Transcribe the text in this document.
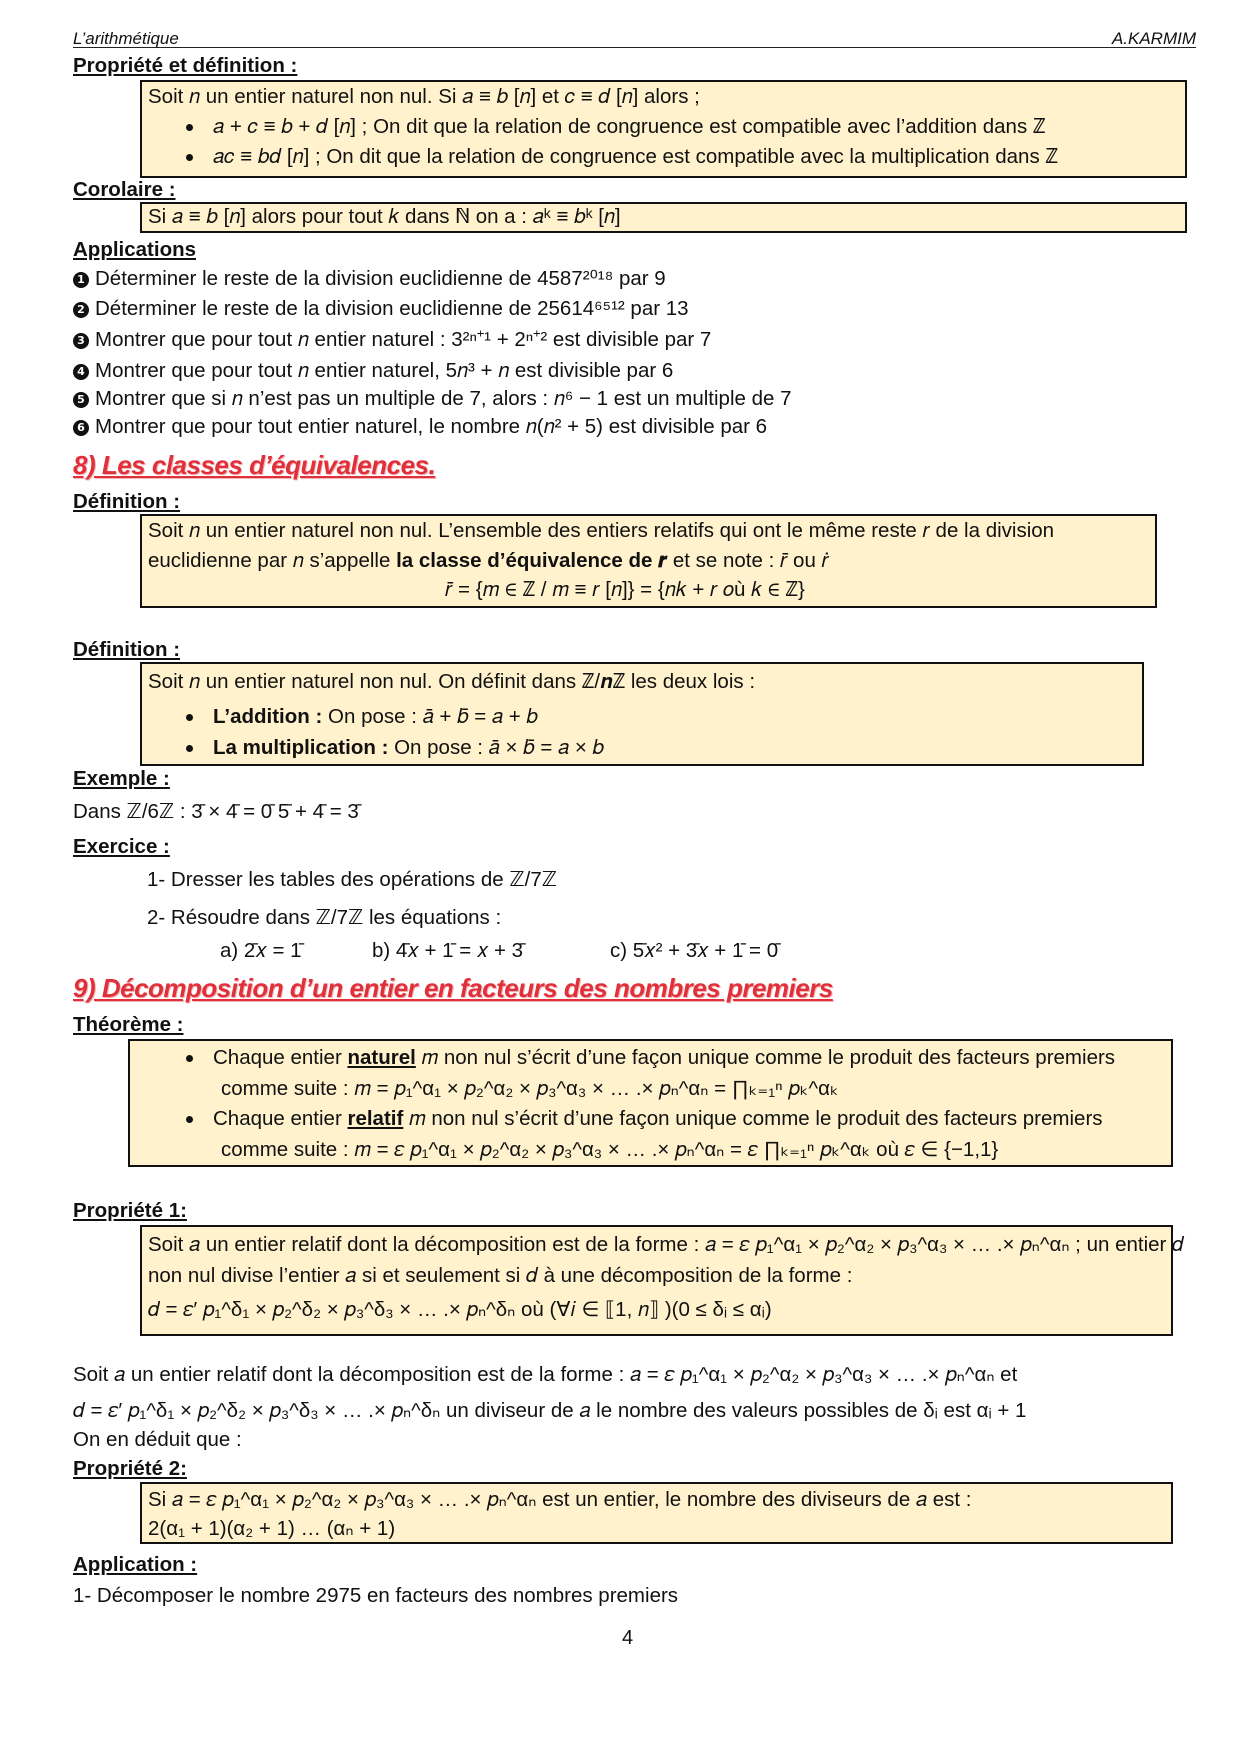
L’arithmétique	A.KARMIM
Propriété et définition :
Soit 𝑛 un entier naturel non nul. Si 𝑎 ≡ 𝑏 [𝑛] et 𝑐 ≡ 𝑑 [𝑛] alors ;
𝑎 + 𝑐 ≡ 𝑏 + 𝑑 [𝑛] ; On dit que la relation de congruence est compatible avec l’addition dans ℤ
𝑎𝑐 ≡ 𝑏𝑑 [𝑛] ; On dit que la relation de congruence est compatible avec la multiplication dans ℤ
Corolaire :
Si 𝑎 ≡ 𝑏 [𝑛] alors pour tout 𝑘 dans ℕ on a : 𝑎ᵏ ≡ 𝑏ᵏ [𝑛]
Applications
1 Déterminer le reste de la division euclidienne de 4587²⁰¹⁸ par 9
2 Déterminer le reste de la division euclidienne de 25614⁶⁵¹² par 13
3 Montrer que pour tout 𝑛 entier naturel : 3²ⁿ⁺¹ + 2ⁿ⁺² est divisible par 7
4 Montrer que pour tout 𝑛 entier naturel, 5𝑛³ + 𝑛 est divisible par 6
5 Montrer que si 𝑛 n’est pas un multiple de 7, alors : 𝑛⁶ − 1 est un multiple de 7
6 Montrer que pour tout entier naturel, le nombre 𝑛(𝑛² + 5) est divisible par 6
8) Les classes d’équivalences.
Définition :
Soit 𝑛 un entier naturel non nul. L’ensemble des entiers relatifs qui ont le même reste 𝑟 de la division
euclidienne par 𝑛 s’appelle la classe d’équivalence de 𝒓 et se note : 𝑟̄ ou 𝑟̇
𝑟̄ = {𝑚 ∈ ℤ / 𝑚 ≡ 𝑟 [𝑛]} = {𝑛𝑘 + 𝑟 𝑜ù 𝑘 ∈ ℤ}
Définition :
Soit 𝑛 un entier naturel non nul. On définit dans ℤ/𝒏ℤ les deux lois :
L’addition : On pose : 𝑎̄ + 𝑏̄ = 𝑎 + 𝑏
La multiplication : On pose : 𝑎̄ × 𝑏̄ = 𝑎 × 𝑏
Exemple :
Dans ℤ/6ℤ : 3̄ × 4̄ = 0̄ 5̄ + 4̄ = 3̄
Exercice :
1- Dresser les tables des opérations de ℤ/7ℤ
2- Résoudre dans ℤ/7ℤ les équations :
a) 2̄𝑥 = 1̄	b) 4̄𝑥 + 1̄ = 𝑥 + 3̄	c) 5̄𝑥² + 3̄𝑥 + 1̄ = 0̄
9) Décomposition d’un entier en facteurs des nombres premiers
Théorème :
Chaque entier naturel 𝑚 non nul s’écrit d’une façon unique comme le produit des facteurs premiers
comme suite : 𝑚 = 𝑝₁^α₁ × 𝑝₂^α₂ × 𝑝₃^α₃ × … .× 𝑝ₙ^αₙ = ∏ₖ₌₁ⁿ 𝑝ₖ^αₖ
Chaque entier relatif 𝑚 non nul s’écrit d’une façon unique comme le produit des facteurs premiers
comme suite : 𝑚 = 𝜀 𝑝₁^α₁ × 𝑝₂^α₂ × 𝑝₃^α₃ × … .× 𝑝ₙ^αₙ = 𝜀 ∏ₖ₌₁ⁿ 𝑝ₖ^αₖ où 𝜀 ∈ {−1,1}
Propriété 1:
Soit 𝑎 un entier relatif dont la décomposition est de la forme : 𝑎 = 𝜀 𝑝₁^α₁ × 𝑝₂^α₂ × 𝑝₃^α₃ × … .× 𝑝ₙ^αₙ ; un entier 𝑑
non nul divise l’entier 𝑎 si et seulement si 𝑑 à une décomposition de la forme :
𝑑 = 𝜀′ 𝑝₁^δ₁ × 𝑝₂^δ₂ × 𝑝₃^δ₃ × … .× 𝑝ₙ^δₙ où (∀𝑖 ∈ ⟦1, 𝑛⟧ )(0 ≤ δᵢ ≤ αᵢ)
Soit 𝑎 un entier relatif dont la décomposition est de la forme : 𝑎 = 𝜀 𝑝₁^α₁ × 𝑝₂^α₂ × 𝑝₃^α₃ × … .× 𝑝ₙ^αₙ et
𝑑 = 𝜀′ 𝑝₁^δ₁ × 𝑝₂^δ₂ × 𝑝₃^δ₃ × … .× 𝑝ₙ^δₙ un diviseur de 𝑎 le nombre des valeurs possibles de δᵢ est αᵢ + 1
On en déduit que :
Propriété 2:
Si 𝑎 = 𝜀 𝑝₁^α₁ × 𝑝₂^α₂ × 𝑝₃^α₃ × … .× 𝑝ₙ^αₙ est un entier, le nombre des diviseurs de 𝑎 est :
2(α₁ + 1)(α₂ + 1) … (αₙ + 1)
Application :
1- Décomposer le nombre 2975 en facteurs des nombres premiers
4
